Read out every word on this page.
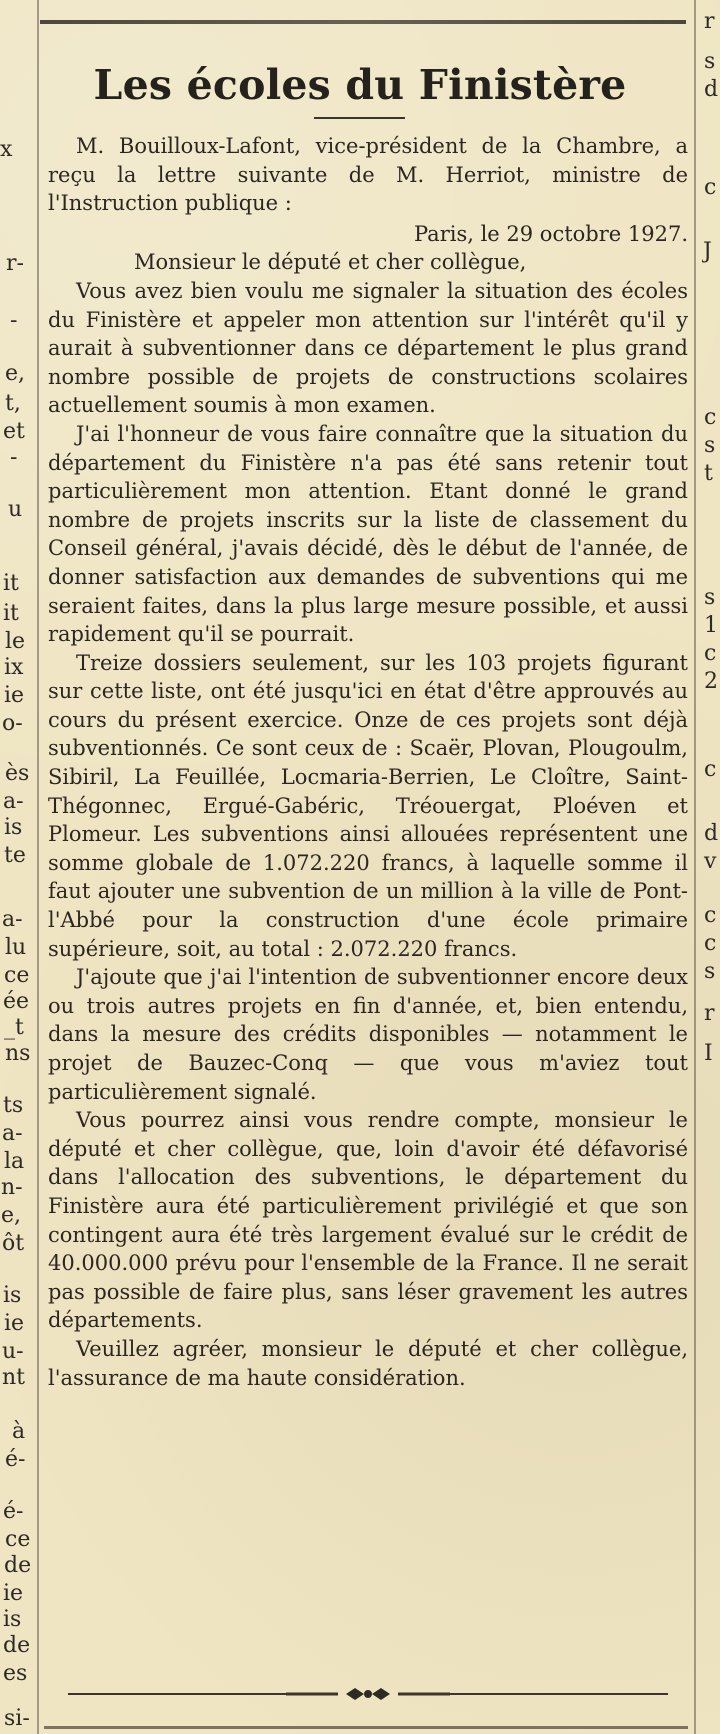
x
r-
-
e,
t,
et
-
u
it
it
le
ix
ie
o-
ès
a-
is
te
a-
lu
ce
ée
_t
ns
ts
a-
la
n-
e,
ôt
is
ie
u-
nt
à
é-
é-
ce
de
ie
is
de
es
si-
r
s
d
c
J
c
s
t
s
1
c
2
c
d
v
c
c
s
r
I
Les écoles du Finistère

M. Bouilloux-Lafont, vice-président de la Chambre, a reçu la lettre suivante de M. Herriot, ministre de l'Instruction publique :

Paris, le 29 octobre 1927.

Monsieur le député et cher collègue,

Vous avez bien voulu me signaler la situation des écoles du Finistère et appeler mon attention sur l'intérêt qu'il y aurait à subventionner dans ce département le plus grand nombre possible de projets de constructions scolaires actuellement soumis à mon examen.

J'ai l'honneur de vous faire connaître que la situation du département du Finistère n'a pas été sans retenir tout particulièrement mon attention. Etant donné le grand nombre de projets inscrits sur la liste de classement du Conseil général, j'avais décidé, dès le début de l'année, de donner satisfaction aux demandes de subventions qui me seraient faites, dans la plus large mesure possible, et aussi rapidement qu'il se pourrait.

Treize dossiers seulement, sur les 103 projets figurant sur cette liste, ont été jusqu'ici en état d'être approuvés au cours du présent exercice. Onze de ces projets sont déjà subventionnés. Ce sont ceux de : Scaër, Plovan, Plougoulm, Sibiril, La Feuillée, Locmaria-Berrien, Le Cloître, Saint-Thégonnec, Ergué-Gabéric, Tréouergat, Ploéven et Plomeur. Les subventions ainsi allouées représentent une somme globale de 1.072.220 francs, à laquelle somme il faut ajouter une subvention de un million à la ville de Pont-l'Abbé pour la construction d'une école primaire supérieure, soit, au total : 2.072.220 francs.

J'ajoute que j'ai l'intention de subventionner encore deux ou trois autres projets en fin d'année, et, bien entendu, dans la mesure des crédits disponibles — notamment le projet de Bauzec-Conq — que vous m'aviez tout particulièrement signalé.

Vous pourrez ainsi vous rendre compte, monsieur le député et cher collègue, que, loin d'avoir été défavorisé dans l'allocation des subventions, le département du Finistère aura été particulièrement privilégié et que son contingent aura été très largement évalué sur le crédit de 40.000.000 prévu pour l'ensemble de la France. Il ne serait pas possible de faire plus, sans léser gravement les autres départements.

Veuillez agréer, monsieur le député et cher collègue, l'assurance de ma haute considération.
